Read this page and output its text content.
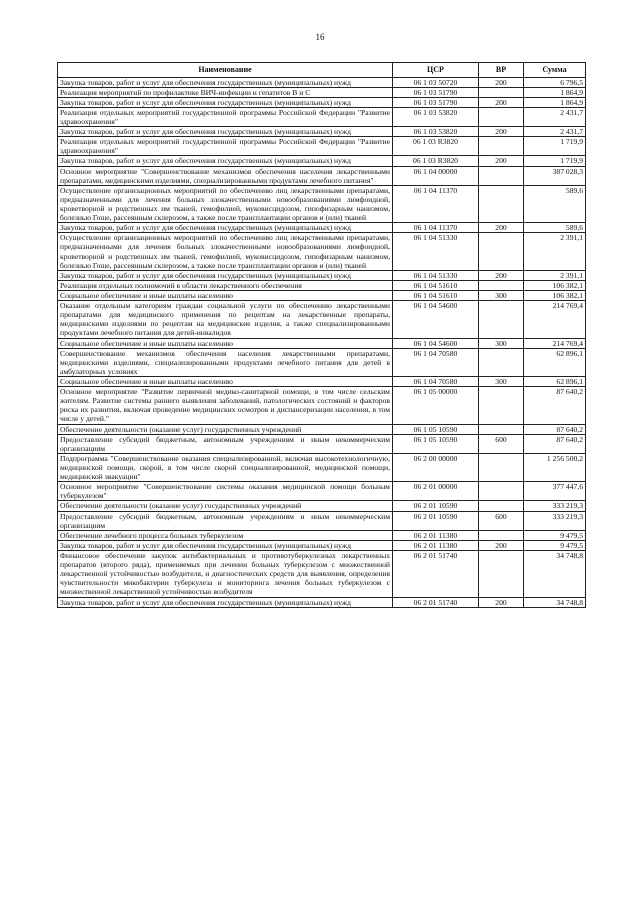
16
Наименование	ЦСР	ВР	Сумма
Закупка товаров, работ и услуг для обеспечения государственных (муниципальных) нужд	06 1 03 50720	200	6 796,5
Реализация мероприятий по профилактике ВИЧ-инфекции и гепатитов В и С	06 1 03 51790		1 864,9
Закупка товаров, работ и услуг для обеспечения государственных (муниципальных) нужд	06 1 03 51790	200	1 864,9
Реализация отдельных мероприятий государственной программы Российской Федерации "Развитие здравоохранения"	06 1 03 53820		2 431,7
Закупка товаров, работ и услуг для обеспечения государственных (муниципальных) нужд	06 1 03 53820	200	2 431,7
Реализация отдельных мероприятий государственной программы Российской Федерации "Развитие здравоохранения"	06 1 03 R3820		1 719,9
Закупка товаров, работ и услуг для обеспечения государственных (муниципальных) нужд	06 1 03 R3820	200	1 719,9
Основное мероприятие "Совершенствование механизмов обеспечения населения лекарственными препаратами, медицинскими изделиями, специализированными продуктами лечебного питания"	06 1 04 00000		387 028,3
Осуществление организационных мероприятий по обеспечению лиц лекарственными препаратами, предназначенными для лечения больных злокачественными новообразованиями лимфоидной, кроветворной и родственных им тканей, гемофилией, муковисцидозом, гипофизарным нанизмом, болезнью Гоше, рассеянным склерозом, а также после трансплантации органов и (или) тканей	06 1 04 11370		589,6
Закупка товаров, работ и услуг для обеспечения государственных (муниципальных) нужд	06 1 04 11370	200	589,6
Осуществление организационных мероприятий по обеспечению лиц лекарственными препаратами, предназначенными для лечения больных злокачественными новообразованиями лимфоидной, кроветворной и родственных им тканей, гемофилией, муковисцидозом, гипофизарным нанизмом, болезнью Гоше, рассеянным склерозом, а также после трансплантации органов и (или) тканей	06 1 04 51330		2 391,1
Закупка товаров, работ и услуг для обеспечения государственных (муниципальных) нужд	06 1 04 51330	200	2 391,1
Реализация отдельных полномочий в области лекарственного обеспечения	06 1 04 51610		106 382,1
Социальное обеспечение и иные выплаты населению	06 1 04 51610	300	106 382,1
Оказание отдельным категориям граждан социальной услуги по обеспечению лекарственными препаратами для медицинского применения по рецептам на лекарственные препараты, медицинскими изделиями по рецептам на медицинские изделия, а также специализированными продуктами лечебного питания для детей-инвалидов	06 1 04 54600		214 769,4
Социальное обеспечение и иные выплаты населению	06 1 04 54600	300	214 769,4
Совершенствование механизмов обеспечения населения лекарственными препаратами, медицинскими изделиями, специализированными продуктами лечебного питания для детей в амбулаторных условиях	06 1 04 70580		62 896,1
Социальное обеспечение и иные выплаты населению	06 1 04 70580	300	62 896,1
Основное мероприятие "Развитие первичной медико-санитарной помощи, в том числе сельским жителям. Развитие системы раннего выявления заболеваний, патологических состояний и факторов риска их развития, включая проведение медицинских осмотров и диспансеризации населения, в том числе у детей."	06 1 05 00000		87 640,2
Обеспечение деятельности (оказание услуг) государственных учреждений	06 1 05 10590		87 640,2
Предоставление субсидий бюджетным, автономным учреждениям и иным некоммерческим организациям	06 1 05 10590	600	87 640,2
Подпрограмма "Совершенствование оказания специализированной, включая высокотехнологичную, медицинской помощи, скорой, в том числе скорой специализированной, медицинской помощи, медицинской эвакуации"	06 2 00 00000		1 256 500,2
Основное мероприятие "Совершенствование системы оказания медицинской помощи больным туберкулезом"	06 2 01 00000		377 447,6
Обеспечение деятельности (оказание услуг) государственных учреждений	06 2 01 10590		333 219,3
Предоставление субсидий бюджетным, автономным учреждениям и иным некоммерческим организациям	06 2 01 10590	600	333 219,3
Обеспечение лечебного процесса больных туберкулезом	06 2 01 11380		9 479,5
Закупка товаров, работ и услуг для обеспечения государственных (муниципальных) нужд	06 2 01 11380	200	9 479,5
Финансовое обеспечение закупок антибактериальных и противотуберкулезных лекарственных препаратов (второго ряда), применяемых при лечении больных туберкулезом с множественной лекарственной устойчивостью возбудителя, и диагностических средств для выявления, определения чувствительности микобактерии туберкулеза и мониторинга лечения больных туберкулезом с множественной лекарственной устойчивостью возбудителя	06 2 01 51740		34 748,8
Закупка товаров, работ и услуг для обеспечения государственных (муниципальных) нужд	06 2 01 51740	200	34 748,8
